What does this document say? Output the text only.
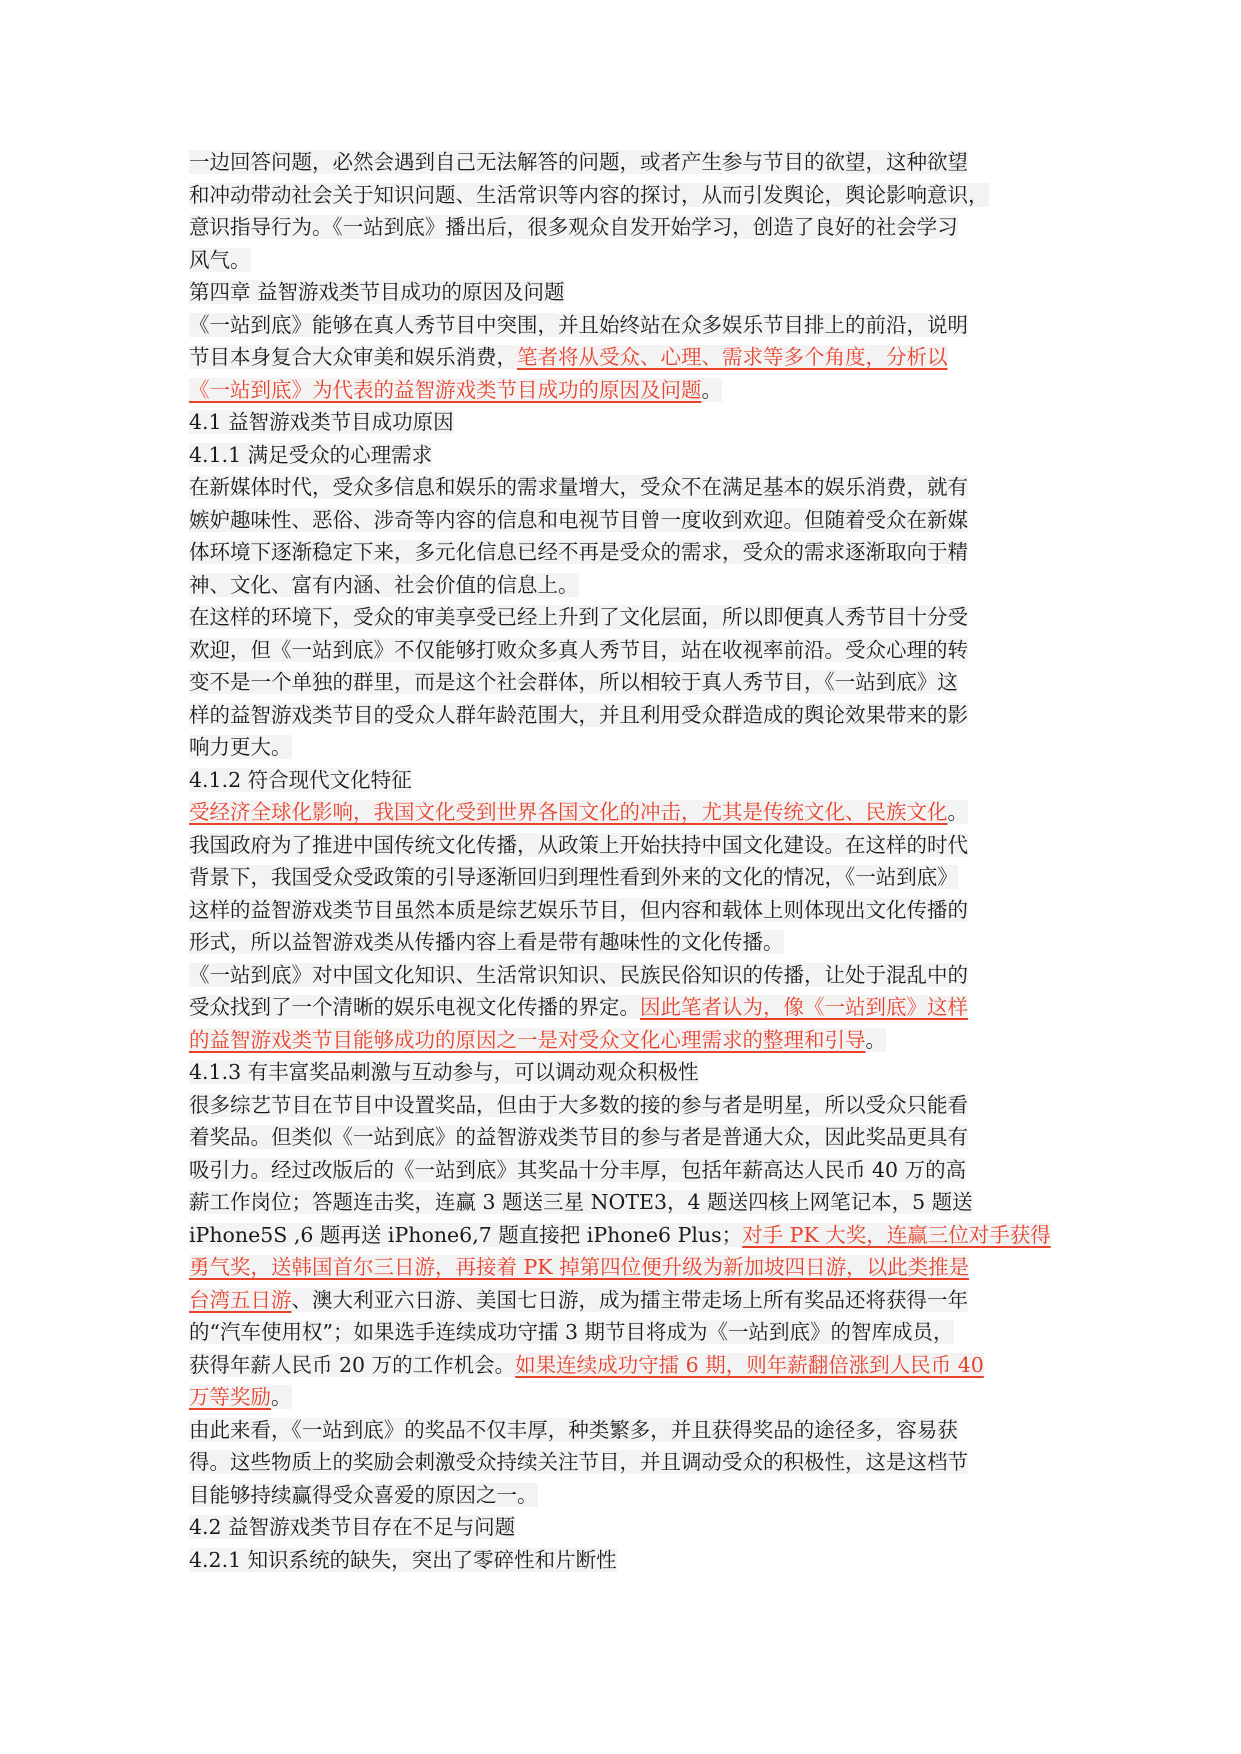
一边回答问题，必然会遇到自己无法解答的问题，或者产生参与节目的欲望，这种欲望
和冲动带动社会关于知识问题、生活常识等内容的探讨，从而引发舆论，舆论影响意识，
意识指导行为。《一站到底》播出后，很多观众自发开始学习，创造了良好的社会学习
风气。
第四章 益智游戏类节目成功的原因及问题
《一站到底》能够在真人秀节目中突围，并且始终站在众多娱乐节目排上的前沿，说明
节目本身复合大众审美和娱乐消费，笔者将从受众、心理、需求等多个角度，分析以
《一站到底》为代表的益智游戏类节目成功的原因及问题。
4.1 益智游戏类节目成功原因
4.1.1 满足受众的心理需求
在新媒体时代，受众多信息和娱乐的需求量增大，受众不在满足基本的娱乐消费，就有
嫉妒趣味性、恶俗、涉奇等内容的信息和电视节目曾一度收到欢迎。但随着受众在新媒
体环境下逐渐稳定下来，多元化信息已经不再是受众的需求，受众的需求逐渐取向于精
神、文化、富有内涵、社会价值的信息上。
在这样的环境下，受众的审美享受已经上升到了文化层面，所以即便真人秀节目十分受
欢迎，但《一站到底》不仅能够打败众多真人秀节目，站在收视率前沿。受众心理的转
变不是一个单独的群里，而是这个社会群体，所以相较于真人秀节目，《一站到底》这
样的益智游戏类节目的受众人群年龄范围大，并且利用受众群造成的舆论效果带来的影
响力更大。
4.1.2 符合现代文化特征
受经济全球化影响，我国文化受到世界各国文化的冲击，尤其是传统文化、民族文化。
我国政府为了推进中国传统文化传播，从政策上开始扶持中国文化建设。在这样的时代
背景下，我国受众受政策的引导逐渐回归到理性看到外来的文化的情况，《一站到底》
这样的益智游戏类节目虽然本质是综艺娱乐节目，但内容和载体上则体现出文化传播的
形式，所以益智游戏类从传播内容上看是带有趣味性的文化传播。
《一站到底》对中国文化知识、生活常识知识、民族民俗知识的传播，让处于混乱中的
受众找到了一个清晰的娱乐电视文化传播的界定。因此笔者认为，像《一站到底》这样
的益智游戏类节目能够成功的原因之一是对受众文化心理需求的整理和引导。
4.1.3 有丰富奖品刺激与互动参与，可以调动观众积极性
很多综艺节目在节目中设置奖品，但由于大多数的接的参与者是明星，所以受众只能看
着奖品。但类似《一站到底》的益智游戏类节目的参与者是普通大众，因此奖品更具有
吸引力。经过改版后的《一站到底》其奖品十分丰厚，包括年薪高达人民币 40 万的高
薪工作岗位；答题连击奖，连赢 3 题送三星 NOTE3，4 题送四核上网笔记本，5 题送
iPhone5S ,6 题再送 iPhone6,7 题直接把 iPhone6 Plus；对手 PK 大奖，连赢三位对手获得
勇气奖，送韩国首尔三日游，再接着 PK 掉第四位便升级为新加坡四日游，以此类推是
台湾五日游、澳大利亚六日游、美国七日游，成为擂主带走场上所有奖品还将获得一年
的“汽车使用权”；如果选手连续成功守擂 3 期节目将成为《一站到底》的智库成员，
获得年薪人民币 20 万的工作机会。如果连续成功守擂 6 期，则年薪翻倍涨到人民币 40
万等奖励。
由此来看，《一站到底》的奖品不仅丰厚，种类繁多，并且获得奖品的途径多，容易获
得。这些物质上的奖励会刺激受众持续关注节目，并且调动受众的积极性，这是这档节
目能够持续赢得受众喜爱的原因之一。
4.2 益智游戏类节目存在不足与问题
4.2.1 知识系统的缺失，突出了零碎性和片断性
